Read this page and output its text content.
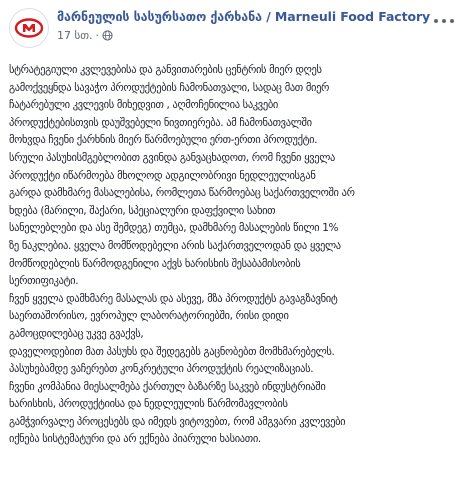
მარნეულის სასურსათო ქარხანა / Marneuli Food Factory
17 სთ. ·
სტრატეგიული კვლევებისა და განვითარების ცენტრის მიერ დღეს
გამოქვეყნდა სავაჭო პროდუქტების ჩამონათვალი, სადაც მათ მიერ
ჩატარებული კვლევის მიხედვით , აღმოჩენილია საკვები
პროდუქტებისთვის დაუშვებელი ნივთიერება. ამ ჩამონათვალში
მოხვდა ჩვენი ქარხნის მიერ წარმოებული ერთ-ერთი პროდუქტი.
სრული პასუხისმგებლობით გვინდა განვაცხადოთ, რომ ჩვენი ყველა
პროდუქტი იწარმოება მხოლოდ ადგილობრივი ნედლეულისგან
გარდა დამხმარე მასალებისა, რომლეთა წარმოებაც საქართველოში არ
ხდება (მარილი, შაქარი, სპეციალური დაფქვილი სახით
სანელებლები და ასე შემდეგ) თუმცა, დამხმარე მასალების წილი 1%
ზე ნაკლებია. ყველა მომწოდებელი არის საქართველოდან და ყველა
მომწოდებლის წარმოდგენილი აქვს ხარისხის შესაბამისობის
სერთიფიკატი.
ჩვენ ყველა დამხმარე მასალას და ასევე, მზა პროდუქტს გავაგზავნიტ
საერთაშორისო, ევროპულ ლაბორატორიებში, რისი დიდი
გამოცდილებაც უკვე გვაქვს,
დაველოდებით მათ პასუხს და შედეგებს გაცნობებთ მომხმარებელს.
პასუხებამდე ვაჩერებთ კონკრეტული პროდუქტის რეალიზაციას.
ჩვენი კომპანია მიესალმება ქართულ ბაზარზე საკვებ ინდუსტრიაში
ხარისხის, პროდუქტიისა და ნედლეულის წარმომავლობის
გამჭვირვალე პროცესებს და იმედს ვიტოვებთ, რომ ამგვარი კვლევები
იქნება სისტემატური და არ ექნება პიარული ხასიათი.
